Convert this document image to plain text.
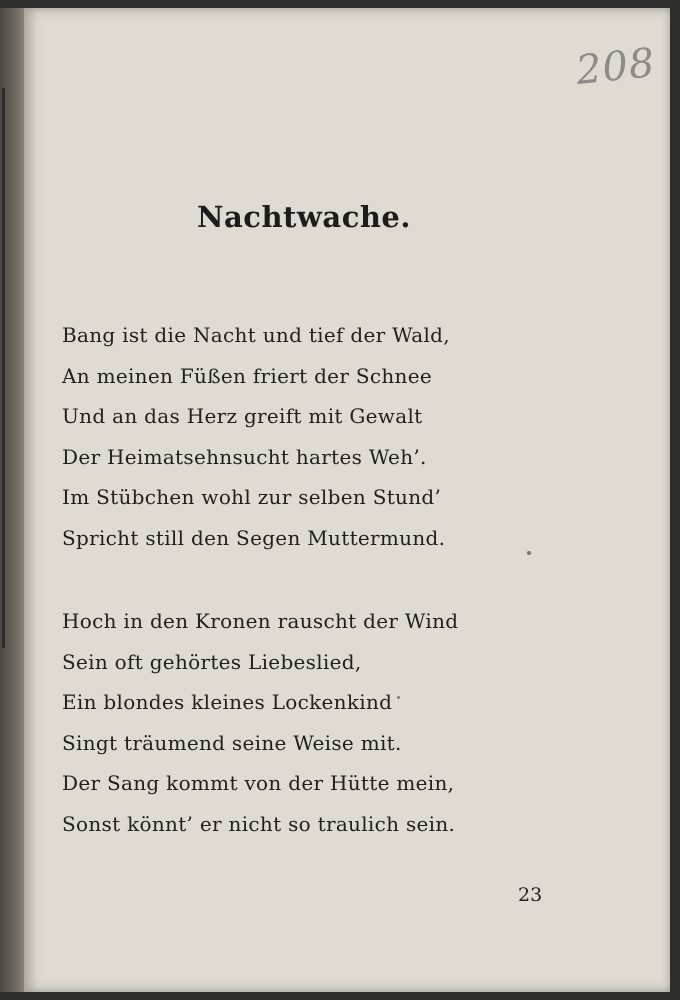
208
Nachtwache.
Bang ist die Nacht und tief der Wald,
An meinen Füßen friert der Schnee
Und an das Herz greift mit Gewalt
Der Heimatsehnsucht hartes Weh’.
Im Stübchen wohl zur selben Stund’
Spricht still den Segen Muttermund.
Hoch in den Kronen rauscht der Wind
Sein oft gehörtes Liebeslied,
Ein blondes kleines Lockenkind
Singt träumend seine Weise mit.
Der Sang kommt von der Hütte mein,
Sonst könnt’ er nicht so traulich sein.
23
